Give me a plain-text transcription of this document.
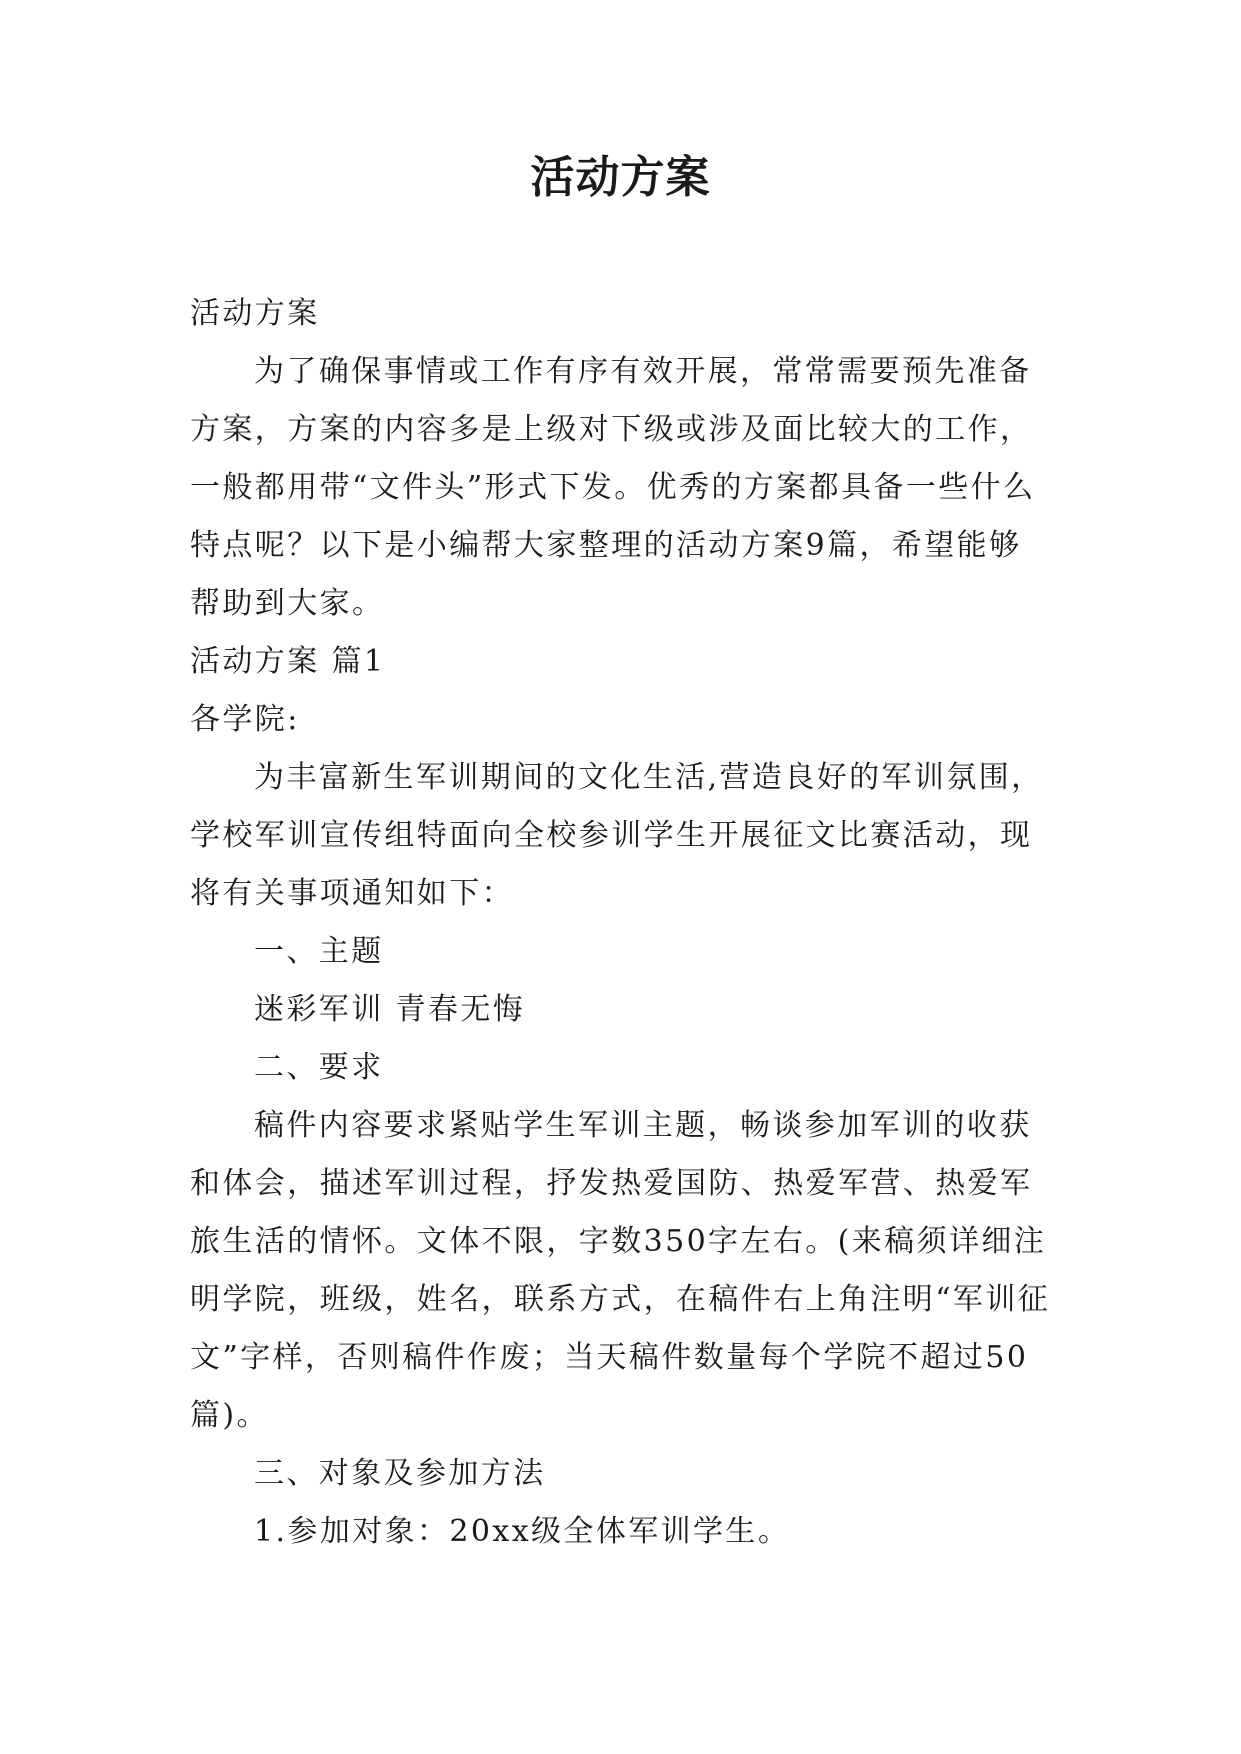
活动方案

活动方案

为了确保事情或工作有序有效开展，常常需要预先准备方案，方案的内容多是上级对下级或涉及面比较大的工作，一般都用带“文件头”形式下发。优秀的方案都具备一些什么特点呢？以下是小编帮大家整理的活动方案9篇，希望能够帮助到大家。

活动方案 篇1

各学院:

为丰富新生军训期间的文化生活,营造良好的军训氛围，学校军训宣传组特面向全校参训学生开展征文比赛活动，现将有关事项通知如下：

一、主题

迷彩军训 青春无悔

二、要求

稿件内容要求紧贴学生军训主题，畅谈参加军训的收获和体会，描述军训过程，抒发热爱国防、热爱军营、热爱军旅生活的情怀。文体不限，字数350字左右。(来稿须详细注明学院，班级，姓名，联系方式，在稿件右上角注明“军训征文”字样，否则稿件作废；当天稿件数量每个学院不超过50篇)。

三、对象及参加方法

1.参加对象：20xx级全体军训学生。
